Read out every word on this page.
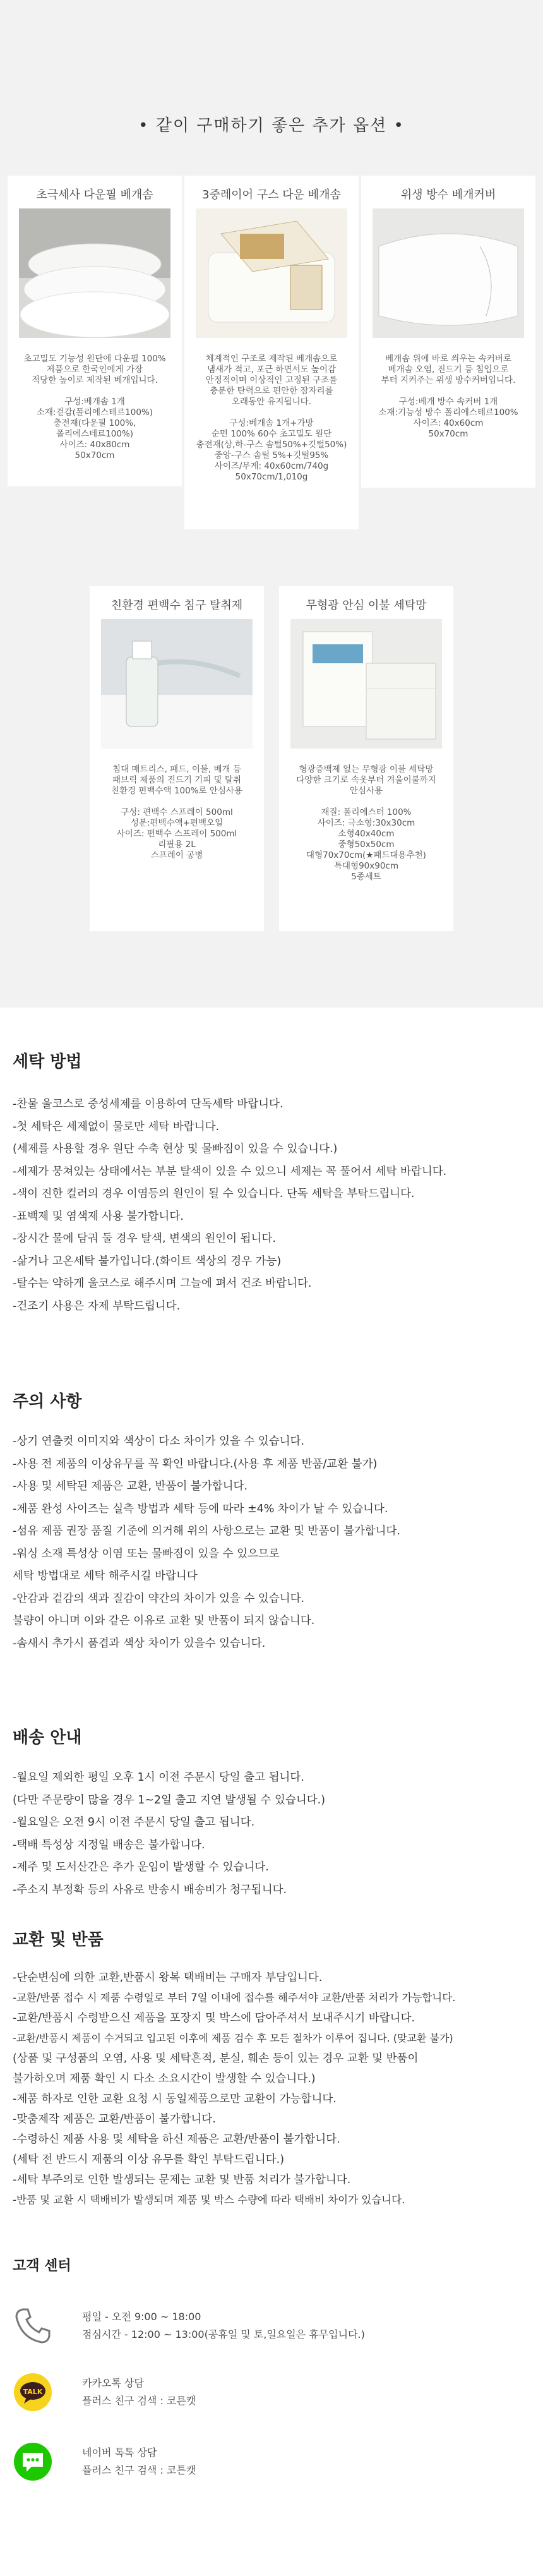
• 같이 구매하기 좋은 추가 옵션 •
초극세사 다운필 베개솜

초고밀도 기능성 원단에 다운필 100%

제품으로 한국인에게 가장

적당한 높이로 제작된 베개입니다.

구성:베개솜 1개

소재:겉감(폴리에스테르100%)

충전재(다운필 100%,

폴리에스테르100%)

사이즈: 40x80cm

50x70cm

3중레이어 구스 다운 베개솜

체계적인 구조로 제작된 베개솜으로

냄새가 적고, 포근 하면서도 높이감

안정적이며 이상적인 고정된 구조를

충분한 탄력으로 편안한 잠자리를

오래동안 유지됩니다.

구성:베개솜 1개+가방

순면 100% 60수 초고밀도 원단

충전재(상,하-구스 솜털50%+깃털50%)

중앙-구스 솜털 5%+깃털95%

사이즈/무게: 40x60cm/740g

50x70cm/1,010g

위생 방수 베개커버

베개솜 위에 바로 씌우는 속커버로

베개솜 오염, 진드기 등 침입으로

부터 지켜주는 위생 방수커버입니다.

구성:베개 방수 속커버 1개

소재:기능성 방수 폴리에스테르100%

사이즈: 40x60cm

50x70cm

친환경 편백수 침구 탈취제

침대 매트리스, 패드, 이불, 베개 등

패브릭 제품의 진드기 기피 및 탈취

친환경 편백수액 100%로 안심사용

구성: 편백수 스프레이 500ml

성분:편백수액+편백오일

사이즈: 편백수 스프레이 500ml

리필용 2L

스프레이 공병

무형광 안심 이불 세탁망

형광증백제 없는 무형광 이불 세탁망

다양한 크기로 속옷부터 겨울이불까지

안심사용

재질: 폴리에스터 100%

사이즈: 극소형:30x30cm

소형40x40cm

중형50x50cm

대형70x70cm(★패드대용추천)

특대형90x90cm

5종세트

세탁 방법
-찬물 울코스로 중성세제를 이용하여 단독세탁 바랍니다.
-첫 세탁은 세제없이 물로만 세탁 바랍니다.
(세제를 사용할 경우 원단 수축 현상 및 물빠짐이 있을 수 있습니다.)
-세제가 뭉쳐있는 상태에서는 부분 탈색이 있을 수 있으니 세제는 꼭 풀어서 세탁 바랍니다.
-색이 진한 컬러의 경우 이염등의 원인이 될 수 있습니다. 단독 세탁을 부탁드립니다.
-표백제 및 염색제 사용 불가합니다.
-장시간 물에 담궈 둘 경우 탈색, 변색의 원인이 됩니다.
-삶거나 고온세탁 불가입니다.(화이트 색상의 경우 가능)
-탈수는 약하게 울코스로 해주시며 그늘에 펴서 건조 바랍니다.
-건조기 사용은 자제 부탁드립니다.
주의 사항
-상기 연출컷 이미지와 색상이 다소 차이가 있을 수 있습니다.
-사용 전 제품의 이상유무를 꼭 확인 바랍니다.(사용 후 제품 반품/교환 불가)
-사용 및 세탁된 제품은 교환, 반품이 불가합니다.
-제품 완성 사이즈는 실측 방법과 세탁 등에 따라 ±4% 차이가 날 수 있습니다.
-섬유 제품 권장 품질 기준에 의거해 위의 사항으로는 교환 및 반품이 불가합니다.
-워싱 소재 특성상 이염 또는 물빠짐이 있을 수 있으므로
세탁 방법대로 세탁 해주시길 바랍니다
-안감과 겉감의 색과 질감이 약간의 차이가 있을 수 있습니다.
불량이 아니며 이와 같은 이유로 교환 및 반품이 되지 않습니다.
-솜새시 추가시 품겹과 색상 차이가 있을수 있습니다.
배송 안내
-월요일 제외한 평일 오후 1시 이전 주문시 당일 출고 됩니다.
(다만 주문량이 많을 경우 1~2일 출고 지연 발생될 수 있습니다.)
-월요일은 오전 9시 이전 주문시 당일 출고 됩니다.
-택배 특성상 지정일 배송은 불가합니다.
-제주 및 도서산간은 추가 운임이 발생할 수 있습니다.
-주소지 부정확 등의 사유로 반송시 배송비가 청구됩니다.
교환 및 반품
-단순변심에 의한 교환,반품시 왕복 택배비는 구매자 부담입니다.
-교환/반품 접수 시 제품 수령일로 부터 7일 이내에 접수를 해주셔야 교환/반품 처리가 가능합니다.
-교환/반품시 수령받으신 제품을 포장지 및 박스에 담아주셔서 보내주시기 바랍니다.
-교환/반품시 제품이 수거되고 입고된 이후에 제품 검수 후 모든 절차가 이루어 집니다. (맞교환 불가)
(상품 및 구성품의 오염, 사용 및 세탁흔적, 분실, 훼손 등이 있는 경우 교환 및 반품이
불가하오며 제품 확인 시 다소 소요시간이 발생할 수 있습니다.)
-제품 하자로 인한 교환 요청 시 동일제품으로만 교환이 가능합니다.
-맞춤제작 제품은 교환/반품이 불가합니다.
-수령하신 제품 사용 및 세탁을 하신 제품은 교환/반품이 불가합니다.
(세탁 전 반드시 제품의 이상 유무를 확인 부탁드립니다.)
-세탁 부주의로 인한 발생되는 문제는 교환 및 반품 처리가 불가합니다.
-반품 및 교환 시 택배비가 발생되며 제품 및 박스 수량에 따라 택배비 차이가 있습니다.
고객 센터
평일 - 오전 9:00 ~ 18:00
점심시간 - 12:00 ~ 13:00(공휴일 및 토,일요일은 휴무입니다.)
TALK
카카오톡 상담
플러스 친구 검색 : 코튼캣
네이버 톡톡 상담
플러스 친구 검색 : 코튼캣
